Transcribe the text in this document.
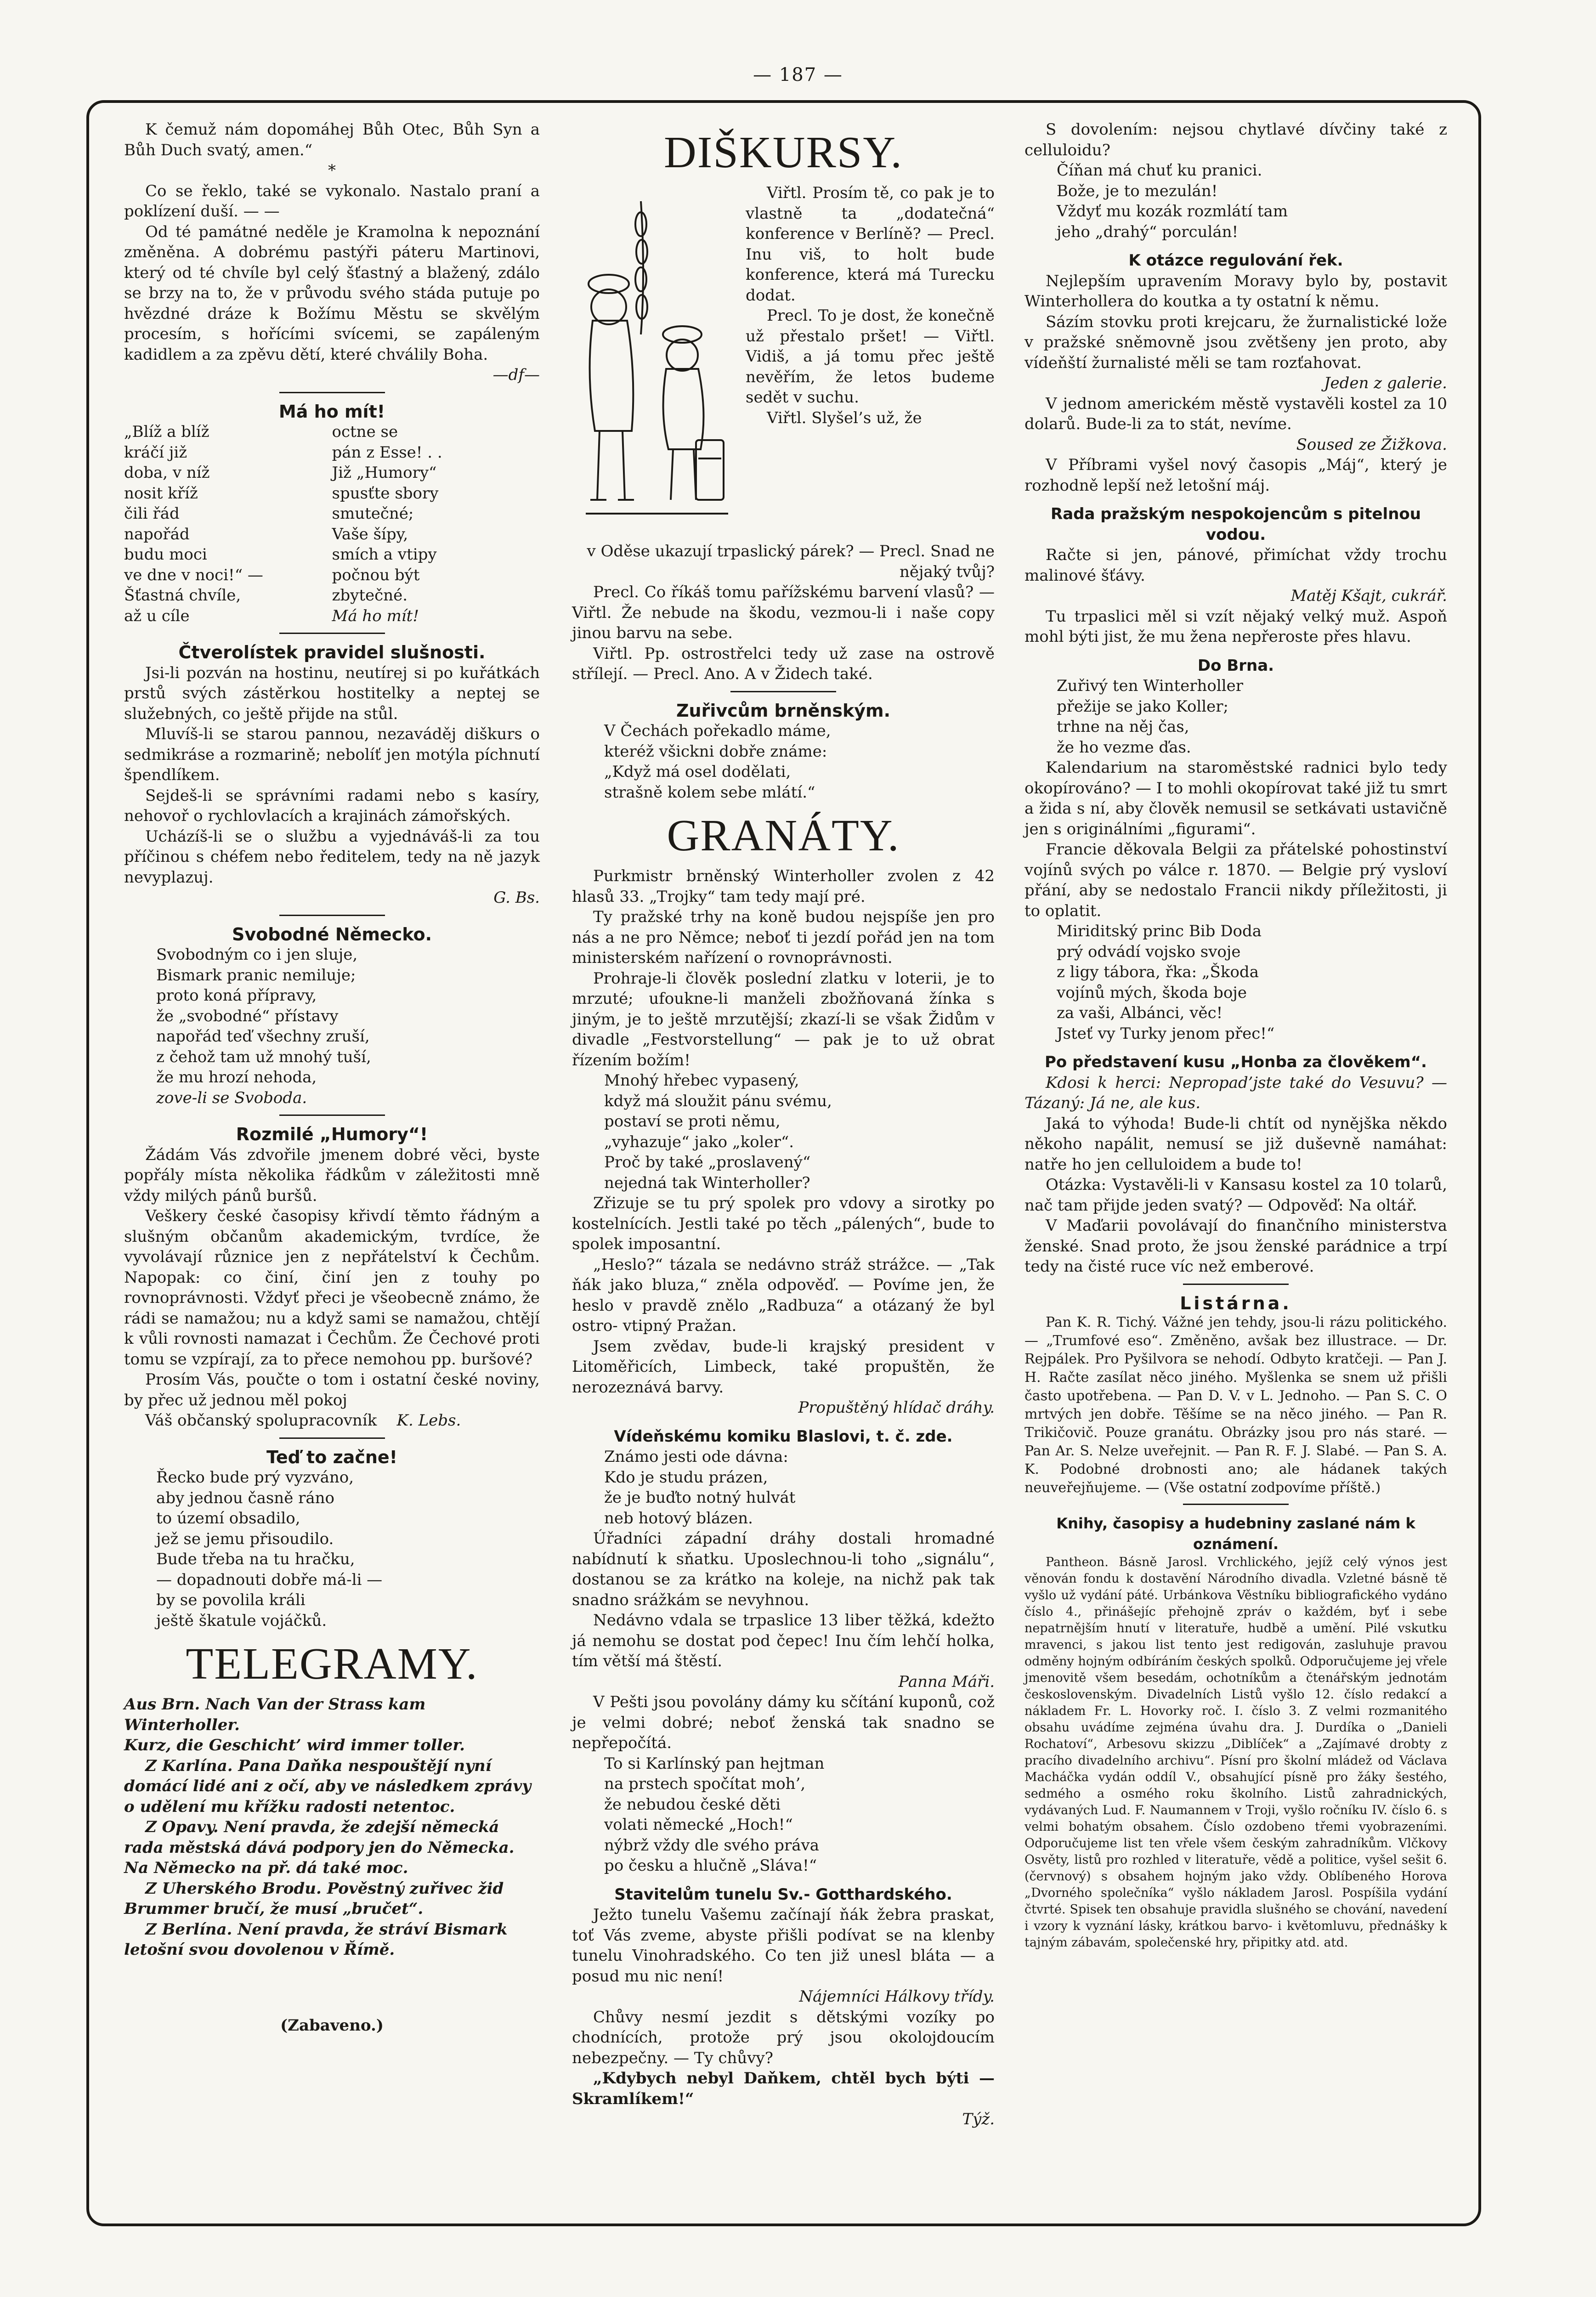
— 187 —

K čemuž nám dopomáhej Bůh Otec, Bůh Syn a Bůh Duch svatý, amen.“

*

Co se řeklo, také se vykonalo. Nastalo praní a poklízení duší. — —

Od té památné neděle je Kramolna k nepoznání změněna. A dobrému pastýři páteru Martinovi, který od té chvíle byl celý šťastný a blažený, zdálo se brzy na to, že v průvodu svého stáda putuje po hvězdné dráze k Božímu Městu se skvělým procesím, s hořícími svícemi, se zapáleným kadidlem a za zpěvu dětí, které chválily Boha.

—df—

Má ho mít!

„Blíž a blíž

kráčí již

doba, v níž

nosit kříž

čili řád

napořád

budu moci

ve dne v noci!“ —

Šťastná chvíle,

až u cíle

octne se

pán z Esse! . .

Již „Humory“

spusťte sbory

smutečné;

Vaše šípy,

smích a vtipy

počnou být

zbytečné.

Má ho mít!

Čtverolístek pravidel slušnosti.

Jsi-li pozván na hostinu, neutírej si po kuřátkách prstů svých zástěrkou hostitelky a neptej se služebných, co ještě přijde na stůl.

Mluvíš-li se starou pannou, nezaváděj diškurs o sedmikráse a rozmarině; nebolíť jen motýla píchnutí špendlíkem.

Sejdeš-li se správními radami nebo s kasíry, nehovoř o rychlovlacích a krajinách zámořských.

Ucházíš-li se o službu a vyjednáváš-li za tou příčinou s chéfem nebo ředitelem, tedy na ně jazyk nevyplazuj.

G. Bs.

Svobodné Německo.

Svobodným co i jen sluje,

Bismark pranic nemiluje;

proto koná přípravy,

že „svobodné“ přístavy

napořád teď všechny zruší,

z čehož tam už mnohý tuší,

že mu hrozí nehoda,

zove-li se Svoboda.

Rozmilé „Humory“!

Žádám Vás zdvořile jmenem dobré věci, byste popřály místa několika řádkům v záležitosti mně vždy milých pánů buršů.

Veškery české časopisy křivdí těmto řádným a slušným občanům akademickým, tvrdíce, že vyvolávají různice jen z nepřátelství k Čechům. Napopak: co činí, činí jen z touhy po rovnoprávnosti. Vždyť přeci je všeobecně známo, že rádi se namažou; nu a když sami se namažou, chtějí k vůli rovnosti namazat i Čechům. Že Čechové proti tomu se vzpírají, za to přece nemohou pp. buršové?

Prosím Vás, poučte o tom i ostatní české noviny, by přec už jednou měl pokoj

Váš občanský spolupracovník K. Lebs.

Teď to začne!

Řecko bude prý vyzváno,

aby jednou časně ráno

to území obsadilo,

jež se jemu přisoudilo.

Bude třeba na tu hračku,

— dopadnouti dobře má-li —

by se povolila králi

ještě škatule vojáčků.

TELEGRAMY.

Aus Brn. Nach Van der Strass kam Winterholler.

Kurz, die Geschicht’ wird immer toller.

Z Karlína. Pana Daňka nespouštějí nyní domácí lidé ani z očí, aby ve následkem zprávy o udělení mu křížku radosti netentoc.

Z Opavy. Není pravda, že zdejší německá rada městská dává podpory jen do Německa. Na Německo na př. dá také moc.

Z Uherského Brodu. Pověstný zuřivec žid Brummer bručí, že musí „bručet“.

Z Berlína. Není pravda, že stráví Bismark letošní svou dovolenou v Římě.

(Zabaveno.)

DIŠKURSY.

Viřtl. Prosím tě, co pak je to vlastně ta „dodatečná“ konference v Berlíně? — Precl. Inu viš, to holt bude konference, která má Turecku dodat.

Precl. To je dost, že konečně už přestalo pršet! — Viřtl. Vidiš, a já tomu přec ještě nevěřím, že letos budeme sedět v suchu.

Viřtl. Slyšel’s už, že

v Oděse ukazují trpaslický párek? — Precl. Snad ne nějaký tvůj?

Precl. Co říkáš tomu pařížskému barvení vlasů? — Viřtl. Že nebude na škodu, vezmou-li i naše copy jinou barvu na sebe.

Viřtl. Pp. ostrostřelci tedy už zase na ostrově střílejí. — Precl. Ano. A v Židech také.

Zuřivcům brněnským.

V Čechách pořekadlo máme,

kteréž všickni dobře známe:

„Když má osel dodělati,

strašně kolem sebe mlátí.“

GRANÁTY.

Purkmistr brněnský Winterholler zvolen z 42 hlasů 33. „Trojky“ tam tedy mají pré.

Ty pražské trhy na koně budou nejspíše jen pro nás a ne pro Němce; neboť ti jezdí pořád jen na tom ministerském nařízení o rovnoprávnosti.

Prohraje-li člověk poslední zlatku v loterii, je to mrzuté; ufouknе-li manželi zbožňovaná žínka s jiným, je to ještě mrzutější; zkazí-li se však Židům v divadle „Festvorstellung“ — pak je to už obrat řízením božím!

Mnohý hřebec vypasený,

když má sloužit pánu svému,

postaví se proti němu,

„vyhazuje“ jako „koler“.

Proč by také „proslavený“

nejedná tak Winterholler?

Zřizuje se tu prý spolek pro vdovy a sirotky po kostelnících. Jestli také po těch „pálených“, bude to spolek imposantní.

„Heslo?“ tázala se nedávno stráž strážce. — „Tak ňák jako bluza,“ zněla odpověď. — Povíme jen, že heslo v pravdě znělo „Radbuza“ a otázaný že byl ostro- vtipný Pražan.

Jsem zvědav, bude-li krajský president v Litoměřicích, Limbeck, také propuštěn, že nerozeznává barvy.

Propuštěný hlídač dráhy.

Vídeňskému komiku Blaslovi, t. č. zde.

Známo jesti ode dávna:

Kdo je studu prázen,

že je buďto notný hulvát

neb hotový blázen.

Úřadníci západní dráhy dostali hromadné nabídnutí k sňatku. Uposlechnou-li toho „signálu“, dostanou se za krátko na koleje, na nichž pak tak snadno srážkám se nevyhnou.

Nedávno vdala se trpaslice 13 liber těžká, kdežto já nemohu se dostat pod čepec! Inu čím lehčí holka, tím větší má štěstí.

Panna Máři.

V Pešti jsou povolány dámy ku sčítání kuponů, což je velmi dobré; neboť ženská tak snadno se nepřepočítá.

To si Karlínský pan hejtman

na prstech spočítat moh’,

že nebudou české děti

volati německé „Hoch!“

nýbrž vždy dle svého práva

po česku a hlučně „Sláva!“

Stavitelům tunelu Sv.- Gotthardského.

Ježto tunelu Vašemu začínají ňák žebra praskat, toť Vás zveme, abyste přišli podívat se na klenby tunelu Vinohradského. Co ten již unesl bláta — a posud mu nic není!

Nájemníci Hálkovy třídy.

Chůvy nesmí jezdit s dětskými vozíky po chodnících, protože prý jsou okolojdoucím nebezpečny. — Ty chůvy?

„Kdybych nebyl Daňkem, chtěl bych býti — Skramlíkem!“

Týž.

S dovolením: nejsou chytlavé dívčiny také z celluloidu?

Číňan má chuť ku pranici.

Bože, je to mezulán!

Vždyť mu kozák rozmlátí tam

jeho „drahý“ porculán!

K otázce regulování řek.

Nejlepším upravením Moravy bylo by, postavit Winterhollera do koutka a ty ostatní k němu.

Sázím stovku proti krejcaru, že žurnalistické lože v pražské sněmovně jsou zvětšeny jen proto, aby vídeňští žurnalisté měli se tam rozťahovat.

Jeden z galerie.

V jednom americkém městě vystavěli kostel za 10 dolarů. Bude-li za to stát, nevíme.

Soused ze Žižkova.

V Příbrami vyšel nový časopis „Máj“, který je rozhodně lepší než letošní máj.

Rada pražským nespokojencům s pitelnou vodou.

Račte si jen, pánové, přimíchat vždy trochu malinové šťávy.

Matěj Kšajt, cukrář.

Tu trpaslici měl si vzít nějaký velký muž. Aspoň mohl býti jist, že mu žena nepřeroste přes hlavu.

Do Brna.

Zuřivý ten Winterholler

přežije se jako Koller;

trhne na něj čas,

že ho vezme ďas.

Kalendarium na staroměstské radnici bylo tedy okopírováno? — I to mohli okopírovat také již tu smrt a žida s ní, aby člověk nemusil se setkávati ustavičně jen s originálními „figurami“.

Francie děkovala Belgii za přátelské pohostinství vojínů svých po válce r. 1870. — Belgie prý vysloví přání, aby se nedostalo Francii nikdy příležitosti, ji to oplatit.

Miriditský princ Bib Doda

prý odvádí vojsko svoje

z ligy tábora, řka: „Škoda

vojínů mých, škoda boje

za vaši, Albánci, věc!

Jsteť vy Turky jenom přec!“

Po představení kusu „Honba za člověkem“.

Kdosi k herci: Nepropad’jste také do Vesuvu? — Tázaný: Já ne, ale kus.

Jaká to výhoda! Bude-li chtít od nynějška někdo někoho napálit, nemusí se již duševně namáhat: natře ho jen celluloidem a bude to!

Otázka: Vystavěli-li v Kansasu kostel za 10 tolarů, nač tam přijde jeden svatý? — Odpověď: Na oltář.

V Maďarii povolávají do finančního ministerstva ženské. Snad proto, že jsou ženské parádnice a trpí tedy na čisté ruce víc než emberové.

Listárna.

Pan K. R. Tichý. Vážné jen tehdy, jsou-li rázu politického. — „Trumfové eso“. Změněno, avšak bez illustrace. — Dr. Rejpálek. Pro Pyšilvora se nehodí. Odbyto kratčeji. — Pan J. H. Račte zasílat něco jiného. Myšlenka se snem už přišli často upotřebena. — Pan D. V. v L. Jednoho. — Pan S. C. O mrtvých jen dobře. Těšíme se na něco jiného. — Pan R. Trikičovič. Pouze granátu. Obrázky jsou pro nás staré. — Pan Ar. S. Nelze uveřejnit. — Pan R. F. J. Slabé. — Pan S. A. K. Podobné drobnosti ano; ale hádanek takých neuveřejňujeme. — (Vše ostatní zodpovíme příště.)

Knihy, časopisy a hudebniny zaslané nám k oznámení.

Pantheon. Básně Jarosl. Vrchlického, jejíž celý výnos jest věnován fondu k dostavění Národního divadla. Vzletné básně tě vyšlo už vydání páté. Urbánkova Věstníku bibliografického vydáno číslo 4., přinášejíc přehojně zpráv o každém, byť i sebe nepatrnějším hnutí v literatuře, hudbě a umění. Pilé vskutku mravenci, s jakou list tento jest redigován, zasluhuje pravou odměny hojným odbíráním českých spolků. Odporučujeme jej vřele jmenovitě všem besedám, ochotníkům a čtenářským jednotám československým. Divadelních Listů vyšlo 12. číslo redakcí a nákladem Fr. L. Hovorky roč. I. číslo 3. Z velmi rozmanitého obsahu uvádíme zejména úvahu dra. J. Durdíka o „Danieli Rochatoví“, Arbesovu skizzu „Diblíček“ a „Zajímavé drobty z pracího divadelního archivu“. Písní pro školní mládež od Václava Macháčka vydán oddíl V., obsahující písně pro žáky šestého, sedmého a osmého roku školního. Listů zahradnických, vydávaných Lud. F. Naumannem v Troji, vyšlo ročníku IV. číslo 6. s velmi bohatým obsahem. Číslo ozdobeno třemi vyobrazeními. Odporučujeme list ten vřele všem českým zahradníkům. Vlčkovy Osvěty, listů pro rozhled v literatuře, vědě a politice, vyšel sešit 6. (červnový) s obsahem hojným jako vždy. Oblíbeného Horova „Dvorného společníka“ vyšlo nákladem Jarosl. Pospíšila vydání čtvrté. Spisek ten obsahuje pravidla slušného se chování, navedení i vzory k vyznání lásky, krátkou barvo- i květomluvu, přednášky k tajným zábavám, společenské hry, připitky atd. atd.
